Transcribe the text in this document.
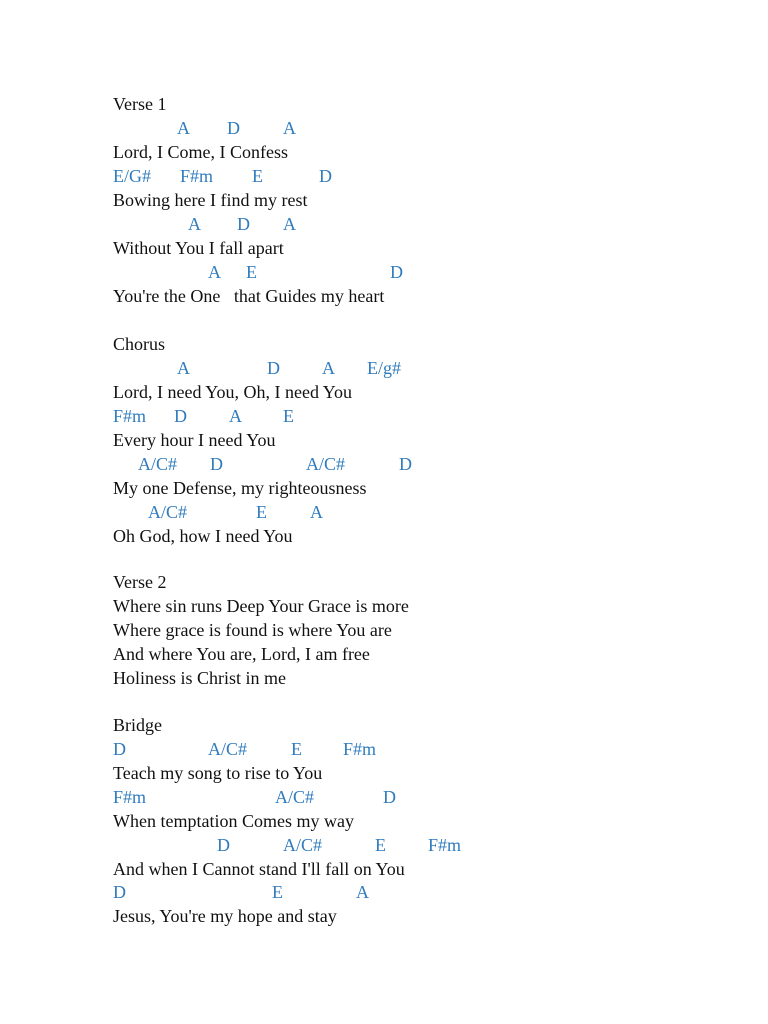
Verse 1

A

D

A

Lord, I Come, I Confess

E/G#

F#m

E

	D

Bowing here I find my rest

A

D

A

Without You I fall apart

A

E

	D

You're the One   that Guides my heart
Chorus

A

	D

A

E/g#

Lord, I need You, Oh, I need You

F#m

D

A

E

Every hour I need You

A/C#

D

	A/C#

	D

My one Defense, my righteousness

A/C#

	E

A

Oh God, how I need You
Verse 2
Where sin runs Deep Your Grace is more
Where grace is found is where You are
And where You are, Lord, I am free
Holiness is Christ in me
Bridge

D

	A/C#

E

F#m

Teach my song to rise to You

F#m

	A/C#

	D

When temptation Comes my way

D

	A/C#

	E

F#m

And when I Cannot stand I'll fall on You

D

	E

	A

Jesus, You're my hope and stay
